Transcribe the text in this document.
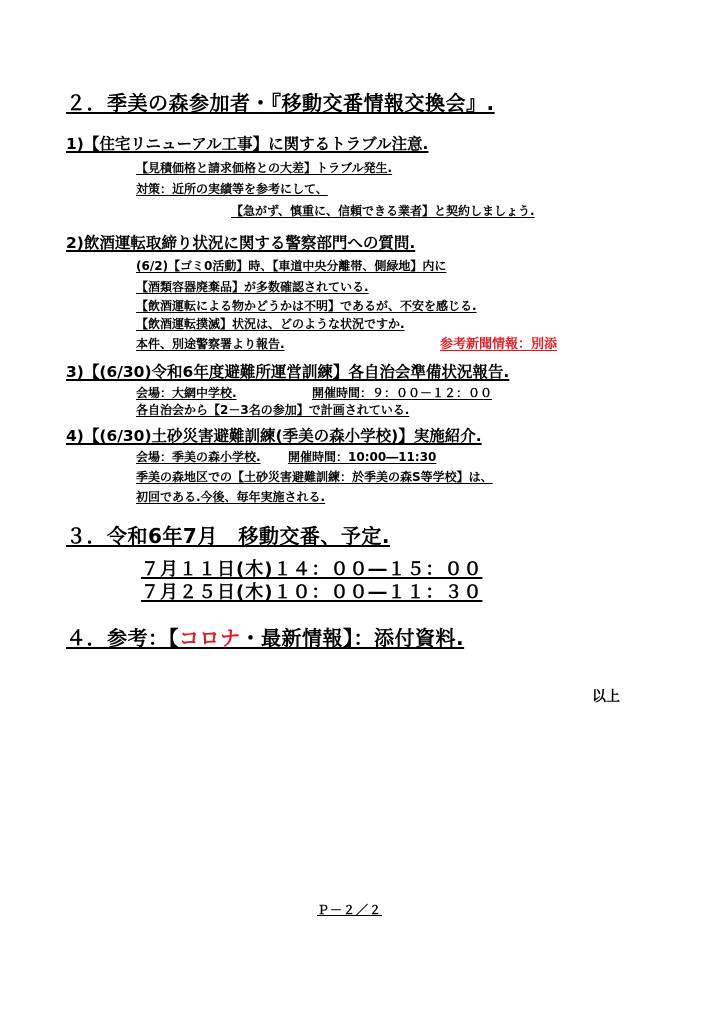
２．季美の森参加者・『移動交番情報交換会』.
1)【住宅リニューアル工事】に関するトラブル注意.
【見積価格と請求価格との大差】トラブル発生.
対策：近所の実績等を参考にして、
【急がず、慎重に、信頼できる業者】と契約しましょう.
2)飲酒運転取締り状況に関する警察部門への質問.
(6/2)【ゴミ0活動】時、【車道中央分離帯、側緑地】内に
【酒類容器廃棄品】が多数確認されている.
【飲酒運転による物かどうかは不明】であるが、不安を感じる.
【飲酒運転撲滅】状況は、どのような状況ですか.
本件、別途警察署より報告.	参考新聞情報：別添
3)【(6/30)令和6年度避難所運営訓練】各自治会準備状況報告.
会場：大網中学校.	開催時間：９：００－１２：００
各自治会から【2－3名の参加】で計画されている.
4)【(6/30)土砂災害避難訓練(季美の森小学校)】実施紹介.
会場：季美の森小学校. 開催時間：10:00―11:30
季美の森地区での【土砂災害避難訓練：於季美の森S等学校】は、
初回である.今後、毎年実施される.
３．令和6年7月　移動交番、予定.
７月１１日(木)１４：００―１５：００
７月２５日(木)１０：００―１１：３０
４．参考：【コロナ・最新情報】：添付資料.
以上
Ｐ－２／２
